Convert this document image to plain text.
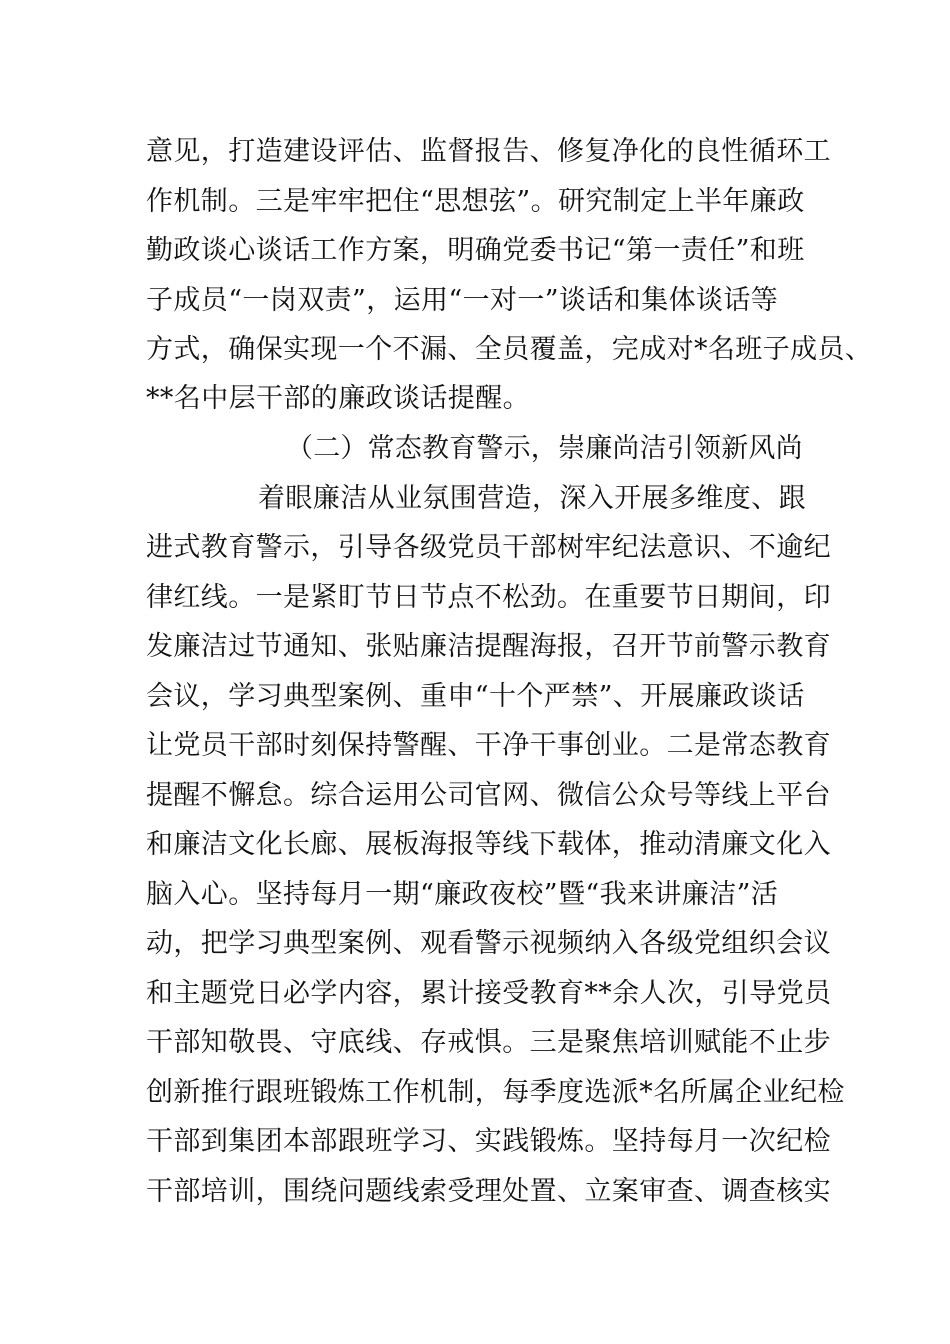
意见，打造建设评估、监督报告、修复净化的良性循环工
作机制。三是牢牢把住“思想弦”。研究制定上半年廉政
勤政谈心谈话工作方案，明确党委书记“第一责任”和班
子成员“一岗双责”，运用“一对一”谈话和集体谈话等
方式，确保实现一个不漏、全员覆盖，完成对*名班子成员、
**名中层干部的廉政谈话提醒。
（二）常态教育警示，崇廉尚洁引领新风尚
着眼廉洁从业氛围营造，深入开展多维度、跟
进式教育警示，引导各级党员干部树牢纪法意识、不逾纪
律红线。一是紧盯节日节点不松劲。在重要节日期间，印
发廉洁过节通知、张贴廉洁提醒海报，召开节前警示教育
会议，学习典型案例、重申“十个严禁”、开展廉政谈话
让党员干部时刻保持警醒、干净干事创业。二是常态教育
提醒不懈怠。综合运用公司官网、微信公众号等线上平台
和廉洁文化长廊、展板海报等线下载体，推动清廉文化入
脑入心。坚持每月一期“廉政夜校”暨“我来讲廉洁”活
动，把学习典型案例、观看警示视频纳入各级党组织会议
和主题党日必学内容，累计接受教育**余人次，引导党员
干部知敬畏、守底线、存戒惧。三是聚焦培训赋能不止步
创新推行跟班锻炼工作机制，每季度选派*名所属企业纪检
干部到集团本部跟班学习、实践锻炼。坚持每月一次纪检
干部培训，围绕问题线索受理处置、立案审查、调查核实
